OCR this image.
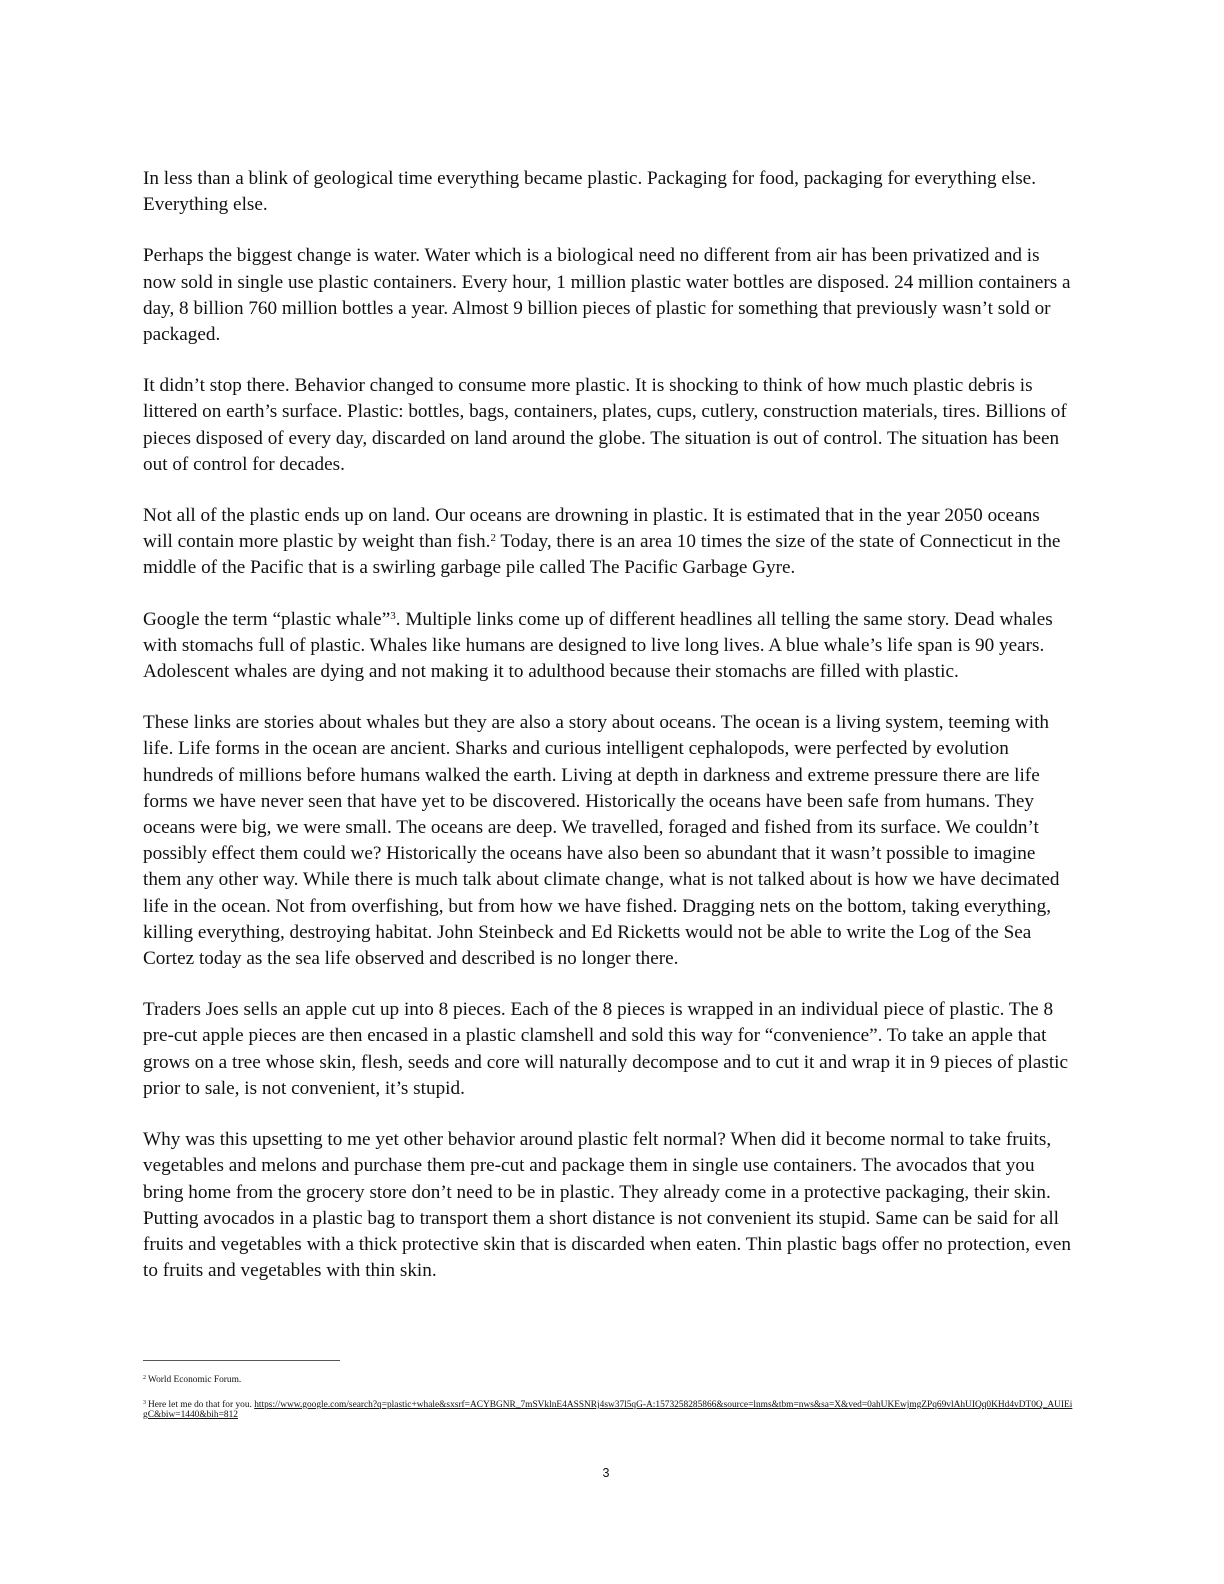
In less than a blink of geological time everything became plastic. Packaging for food, packaging for everything else. Everything else.

Perhaps the biggest change is water. Water which is a biological need no different from air has been privatized and is now sold in single use plastic containers. Every hour, 1 million plastic water bottles are disposed. 24 million containers a day, 8 billion 760 million bottles a year. Almost 9 billion pieces of plastic for something that previously wasn’t sold or packaged.

It didn’t stop there. Behavior changed to consume more plastic. It is shocking to think of how much plastic debris is littered on earth’s surface. Plastic: bottles, bags, containers, plates, cups, cutlery, construction materials, tires. Billions of pieces disposed of every day, discarded on land around the globe. The situation is out of control. The situation has been out of control for decades.

Not all of the plastic ends up on land. Our oceans are drowning in plastic. It is estimated that in the year 2050 oceans will contain more plastic by weight than fish.$^2$ Today, there is an area 10 times the size of the state of Connecticut in the middle of the Pacific that is a swirling garbage pile called The Pacific Garbage Gyre.

Google the term “plastic whale”$^3$. Multiple links come up of different headlines all telling the same story. Dead whales with stomachs full of plastic. Whales like humans are designed to live long lives. A blue whale’s life span is 90 years. Adolescent whales are dying and not making it to adulthood because their stomachs are filled with plastic.

These links are stories about whales but they are also a story about oceans. The ocean is a living system, teeming with life. Life forms in the ocean are ancient. Sharks and curious intelligent cephalopods, were perfected by evolution hundreds of millions before humans walked the earth. Living at depth in darkness and extreme pressure there are life forms we have never seen that have yet to be discovered. Historically the oceans have been safe from humans. They oceans were big, we were small. The oceans are deep. We travelled, foraged and fished from its surface. We couldn’t possibly effect them could we? Historically the oceans have also been so abundant that it wasn’t possible to imagine them any other way. While there is much talk about climate change, what is not talked about is how we have decimated life in the ocean. Not from overfishing, but from how we have fished. Dragging nets on the bottom, taking everything, killing everything, destroying habitat. John Steinbeck and Ed Ricketts would not be able to write the Log of the Sea Cortez today as the sea life observed and described is no longer there.

Traders Joes sells an apple cut up into 8 pieces. Each of the 8 pieces is wrapped in an individual piece of plastic. The 8 pre-cut apple pieces are then encased in a plastic clamshell and sold this way for “convenience”. To take an apple that grows on a tree whose skin, flesh, seeds and core will naturally decompose and to cut it and wrap it in 9 pieces of plastic prior to sale, is not convenient, it’s stupid.

Why was this upsetting to me yet other behavior around plastic felt normal? When did it become normal to take fruits, vegetables and melons and purchase them pre-cut and package them in single use containers. The avocados that you bring home from the grocery store don’t need to be in plastic. They already come in a protective packaging, their skin. Putting avocados in a plastic bag to transport them a short distance is not convenient its stupid. Same can be said for all fruits and vegetables with a thick protective skin that is discarded when eaten. Thin plastic bags offer no protection, even to fruits and vegetables with thin skin.

$^2$ World Economic Forum.

$^3$ Here let me do that for you. https://www.google.com/search?q=plastic+whale&sxsrf=ACYBGNR_7mSVklnE4ASSNRj4sw37l5qG-A:1573258285866&source=lnms&tbm=nws&sa=X&ved=0ahUKEwjmgZPq69vlAhUIQq0KHd4vDT0Q_AUIEigC&biw=1440&bih=812

3
